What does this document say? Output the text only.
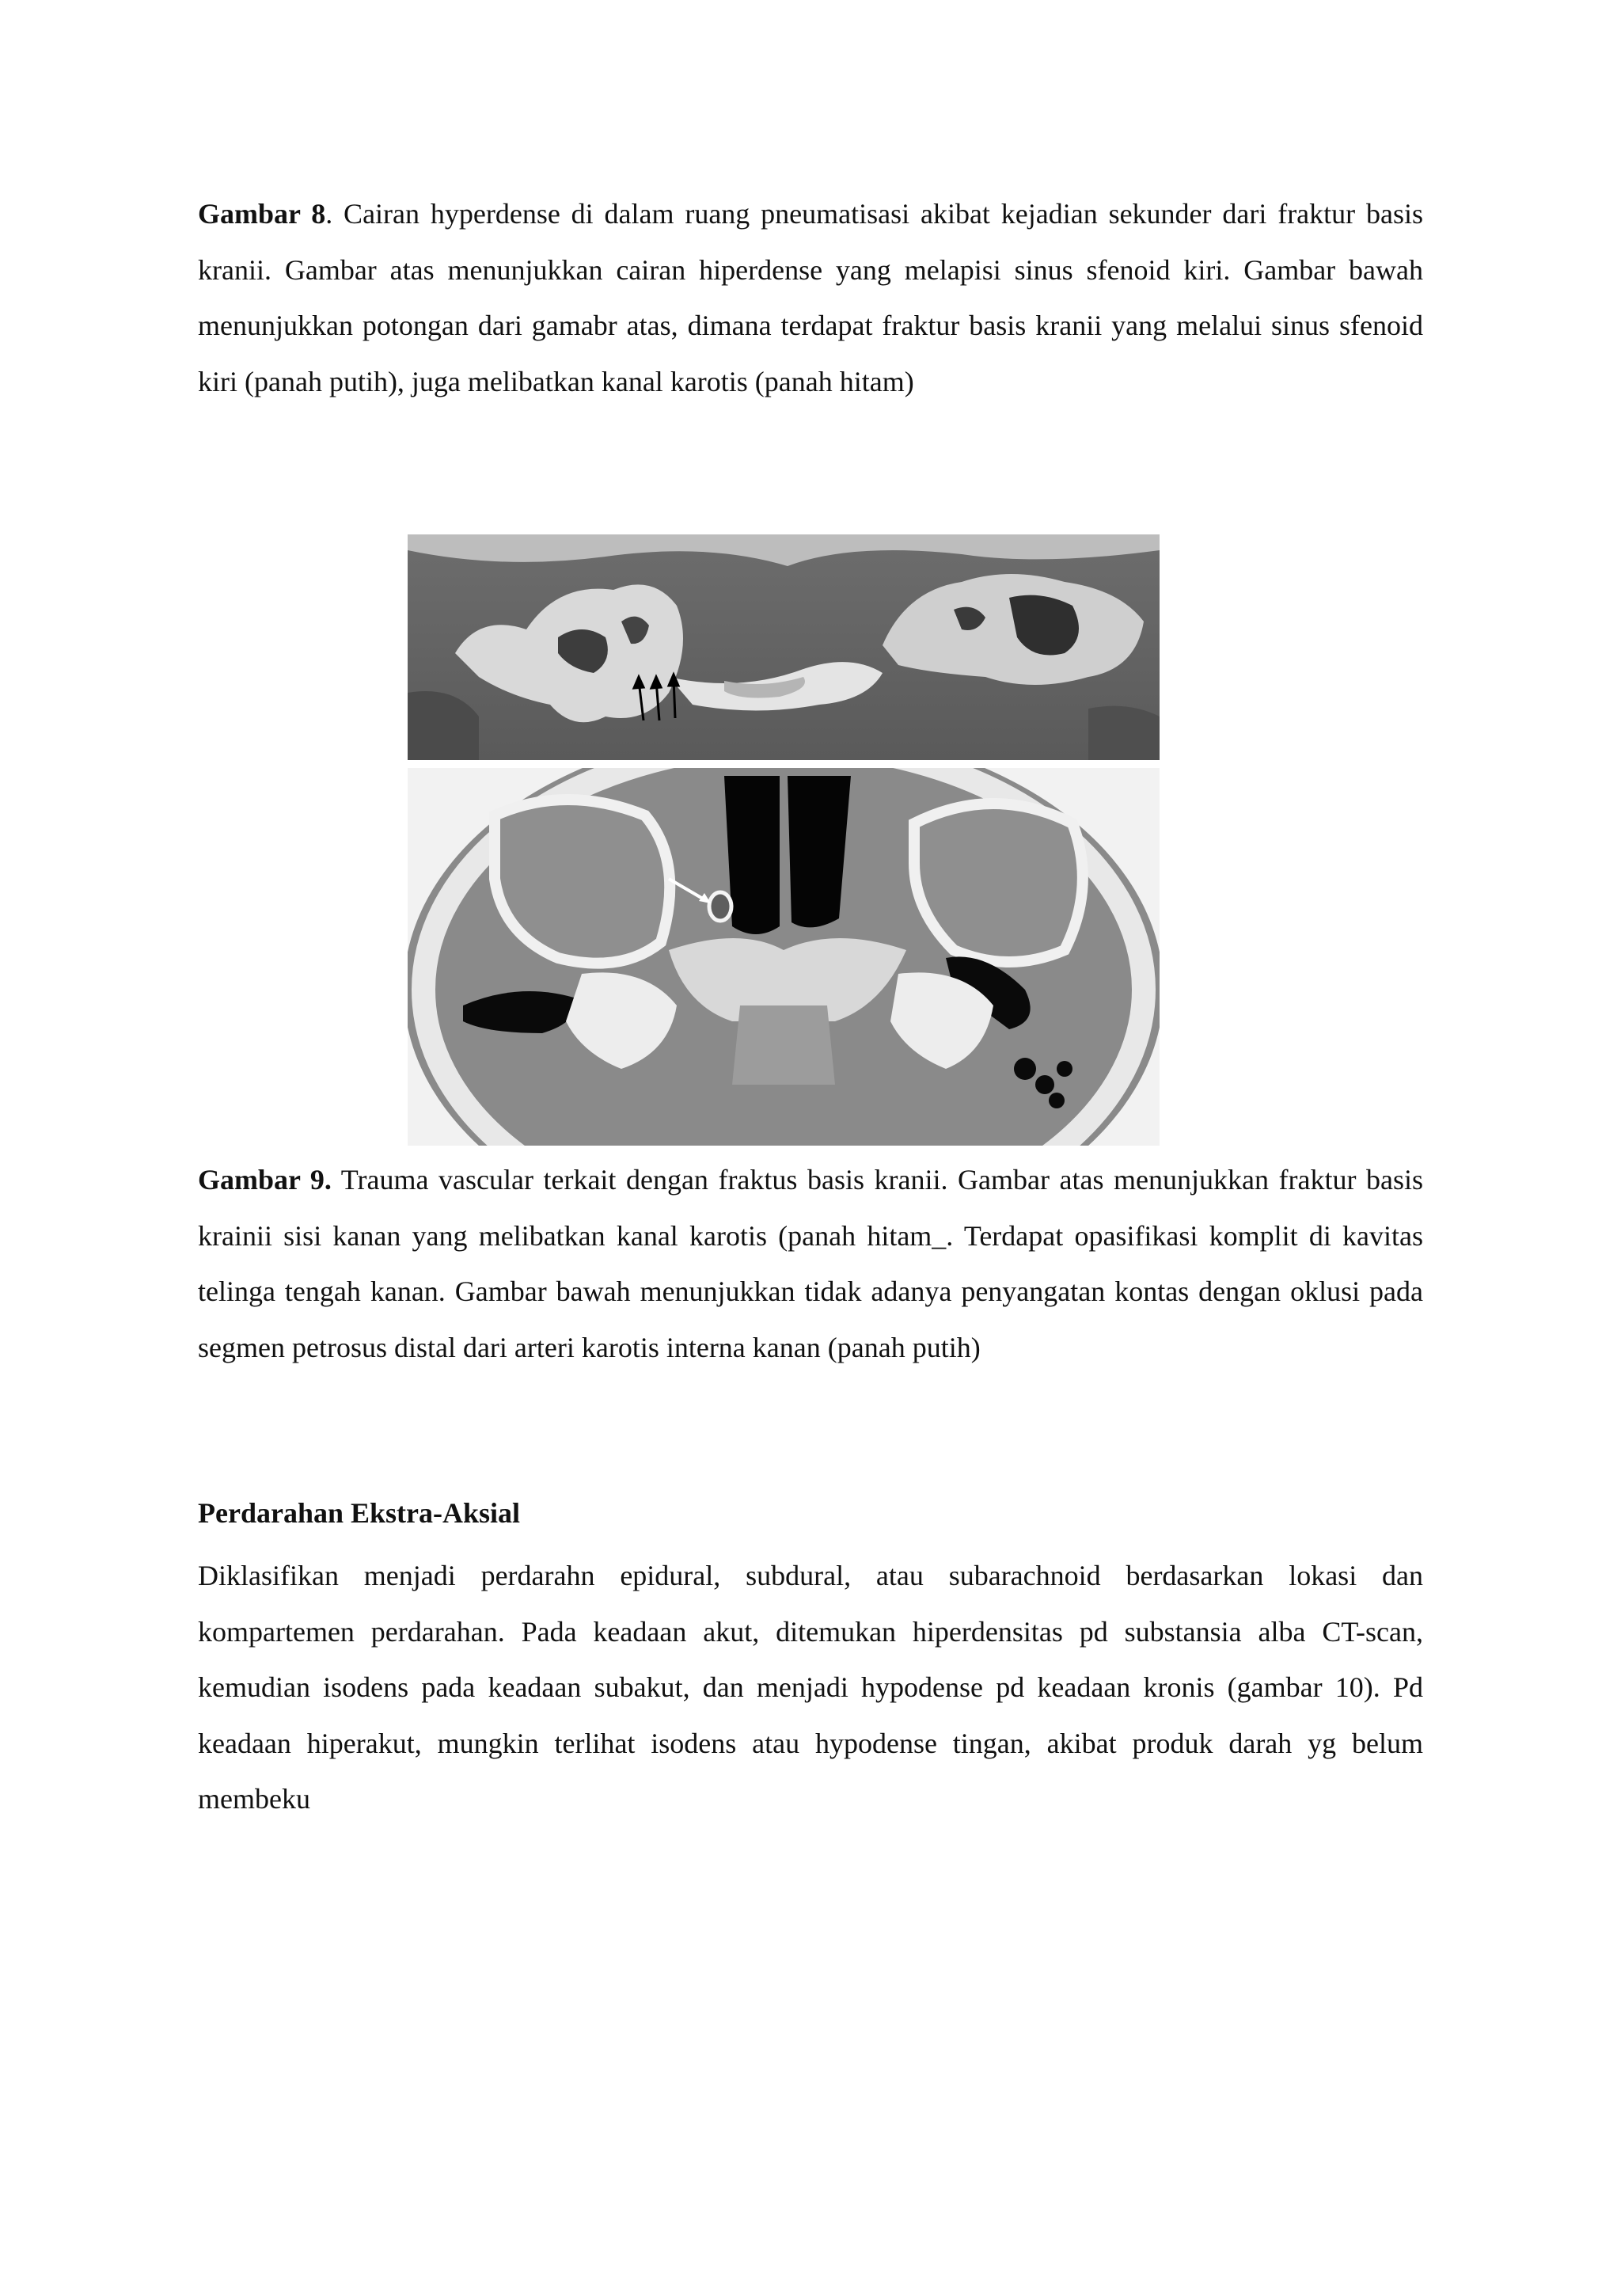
Gambar 8. Cairan hyperdense di dalam ruang pneumatisasi akibat kejadian sekunder dari fraktur basis kranii. Gambar atas menunjukkan cairan hiperdense yang melapisi sinus sfenoid kiri. Gambar bawah menunjukkan potongan dari gamabr atas, dimana terdapat fraktur basis kranii yang melalui sinus sfenoid kiri (panah putih), juga melibatkan kanal karotis (panah hitam)

Gambar 9. Trauma vascular terkait dengan fraktus basis kranii. Gambar atas menunjukkan fraktur basis krainii sisi kanan yang melibatkan kanal karotis (panah hitam_. Terdapat opasifikasi komplit di kavitas telinga tengah kanan. Gambar bawah menunjukkan tidak adanya penyangatan kontas dengan oklusi pada segmen petrosus distal dari arteri karotis interna kanan (panah putih)

Perdarahan Ekstra-Aksial

Diklasifikan menjadi perdarahn epidural, subdural, atau subarachnoid berdasarkan lokasi dan kompartemen perdarahan. Pada keadaan akut, ditemukan hiperdensitas pd substansia alba CT-scan, kemudian isodens pada keadaan subakut, dan menjadi hypodense pd keadaan kronis (gambar 10). Pd keadaan hiperakut, mungkin terlihat isodens atau hypodense tingan, akibat produk darah yg belum membeku
